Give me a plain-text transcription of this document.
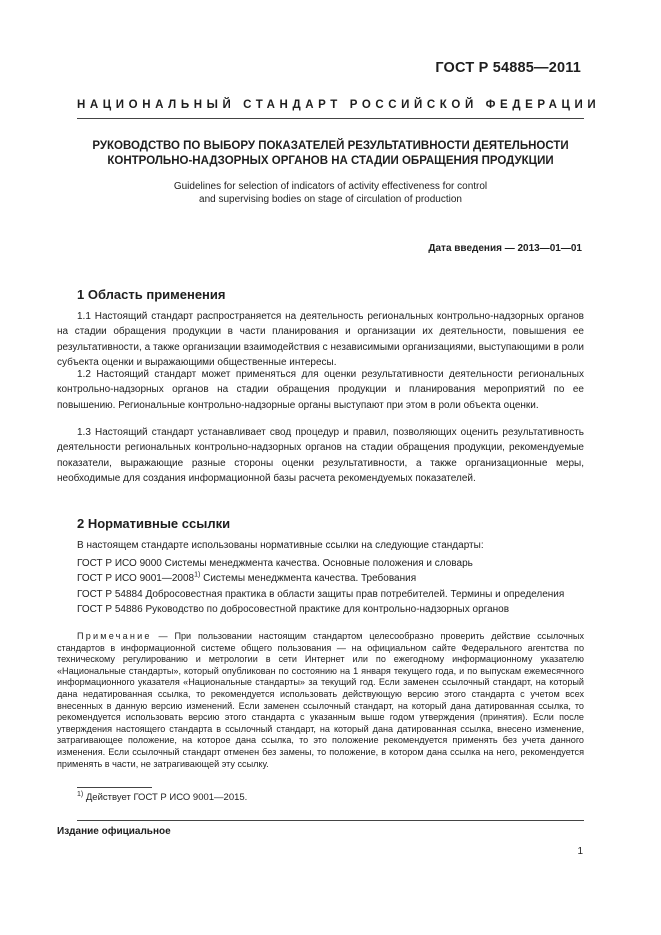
ГОСТ Р 54885—2011
НАЦИОНАЛЬНЫЙ СТАНДАРТ РОССИЙСКОЙ ФЕДЕРАЦИИ
РУКОВОДСТВО ПО ВЫБОРУ ПОКАЗАТЕЛЕЙ РЕЗУЛЬТАТИВНОСТИ ДЕЯТЕЛЬНОСТИ
КОНТРОЛЬНО-НАДЗОРНЫХ ОРГАНОВ НА СТАДИИ ОБРАЩЕНИЯ ПРОДУКЦИИ
Guidelines for selection of indicators of activity effectiveness for control
and supervising bodies on stage of circulation of production
Дата введения — 2013—01—01
1 Область применения

1.1 Настоящий стандарт распространяется на деятельность региональных контрольно-надзорных органов на стадии обращения продукции в части планирования и организации их деятельности, повышения ее результативности, а также организации взаимодействия с независимыми организациями, выступающими в роли субъекта оценки и выражающими общественные интересы.

1.2 Настоящий стандарт может применяться для оценки результативности деятельности региональных контрольно-надзорных органов на стадии обращения продукции и планирования мероприятий по ее повышению. Региональные контрольно-надзорные органы выступают при этом в роли объекта оценки.

1.3 Настоящий стандарт устанавливает свод процедур и правил, позволяющих оценить результативность деятельности региональных контрольно-надзорных органов на стадии обращения продукции, рекомендуемые показатели, выражающие разные стороны оценки результативности, а также организационные меры, необходимые для создания информационной базы расчета рекомендуемых показателей.

2 Нормативные ссылки
В настоящем стандарте использованы нормативные ссылки на следующие стандарты:
ГОСТ Р ИСО 9000 Системы менеджмента качества. Основные положения и словарь
ГОСТ Р ИСО 9001—2008$^{1)}$ Системы менеджмента качества. Требования
ГОСТ Р 54884 Добросовестная практика в области защиты прав потребителей. Термины и определения
ГОСТ Р 54886 Руководство по добросовестной практике для контрольно-надзорных органов
Примечание — При пользовании настоящим стандартом целесообразно проверить действие ссылочных стандартов в информационной системе общего пользования — на официальном сайте Федерального агентства по техническому регулированию и метрологии в сети Интернет или по ежегодному информационному указателю «Национальные стандарты», который опубликован по состоянию на 1 января текущего года, и по выпускам ежемесячного информационного указателя «Национальные стандарты» за текущий год. Если заменен ссылочный стандарт, на который дана недатированная ссылка, то рекомендуется использовать действующую версию этого стандарта с учетом всех внесенных в данную версию изменений. Если заменен ссылочный стандарт, на который дана датированная ссылка, то рекомендуется использовать версию этого стандарта с указанным выше годом утверждения (принятия). Если после утверждения настоящего стандарта в ссылочный стандарт, на который дана датированная ссылка, внесено изменение, затрагивающее положение, на которое дана ссылка, то это положение рекомендуется применять без учета данного изменения. Если ссылочный стандарт отменен без замены, то положение, в котором дана ссылка на него, рекомендуется применять в части, не затрагивающей эту ссылку.
$^{1)}$ Действует ГОСТ Р ИСО 9001—2015.
Издание официальное
1
